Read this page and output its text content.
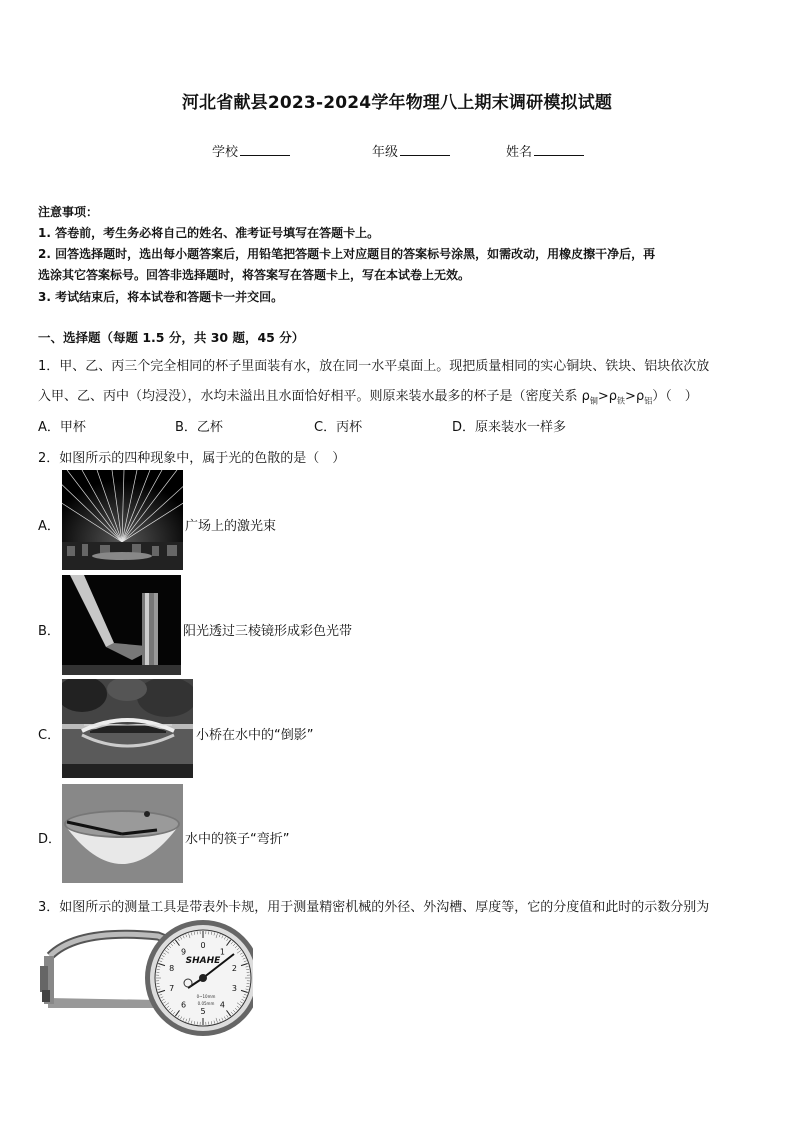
河北省献县2023-2024学年物理八上期末调研模拟试题
学校	年级	姓名
注意事项：
1. 答卷前，考生务必将自己的姓名、准考证号填写在答题卡上。
2. 回答选择题时，选出每小题答案后，用铅笔把答题卡上对应题目的答案标号涂黑，如需改动，用橡皮擦干净后，再
选涂其它答案标号。回答非选择题时，将答案写在答题卡上，写在本试卷上无效。
3. 考试结束后，将本试卷和答题卡一并交回。
一、选择题（每题 1.5 分，共 30 题，45 分）
1．甲、乙、丙三个完全相同的杯子里面装有水，放在同一水平桌面上。现把质量相同的实心铜块、铁块、铝块依次放
入甲、乙、丙中（均浸没），水均未溢出且水面恰好相平。则原来装水最多的杯子是（密度关系 $\rho_铜>\rho_铁>\rho_铝$）（　）
A．甲杯	B．乙杯	C．丙杯	D．原来装水一样多
2．如图所示的四种现象中，属于光的色散的是（　）
A．	广场上的激光束
B．	阳光透过三棱镜形成彩色光带
C．	小桥在水中的“倒影”
D．	水中的筷子“弯折”
3．如图所示的测量工具是带表外卡规，用于测量精密机械的外径、外沟槽、厚度等，它的分度值和此时的示数分别为
SHAHE
0~10mm
0.05mm
0
1
2
3
4
5
6
7
8
9
